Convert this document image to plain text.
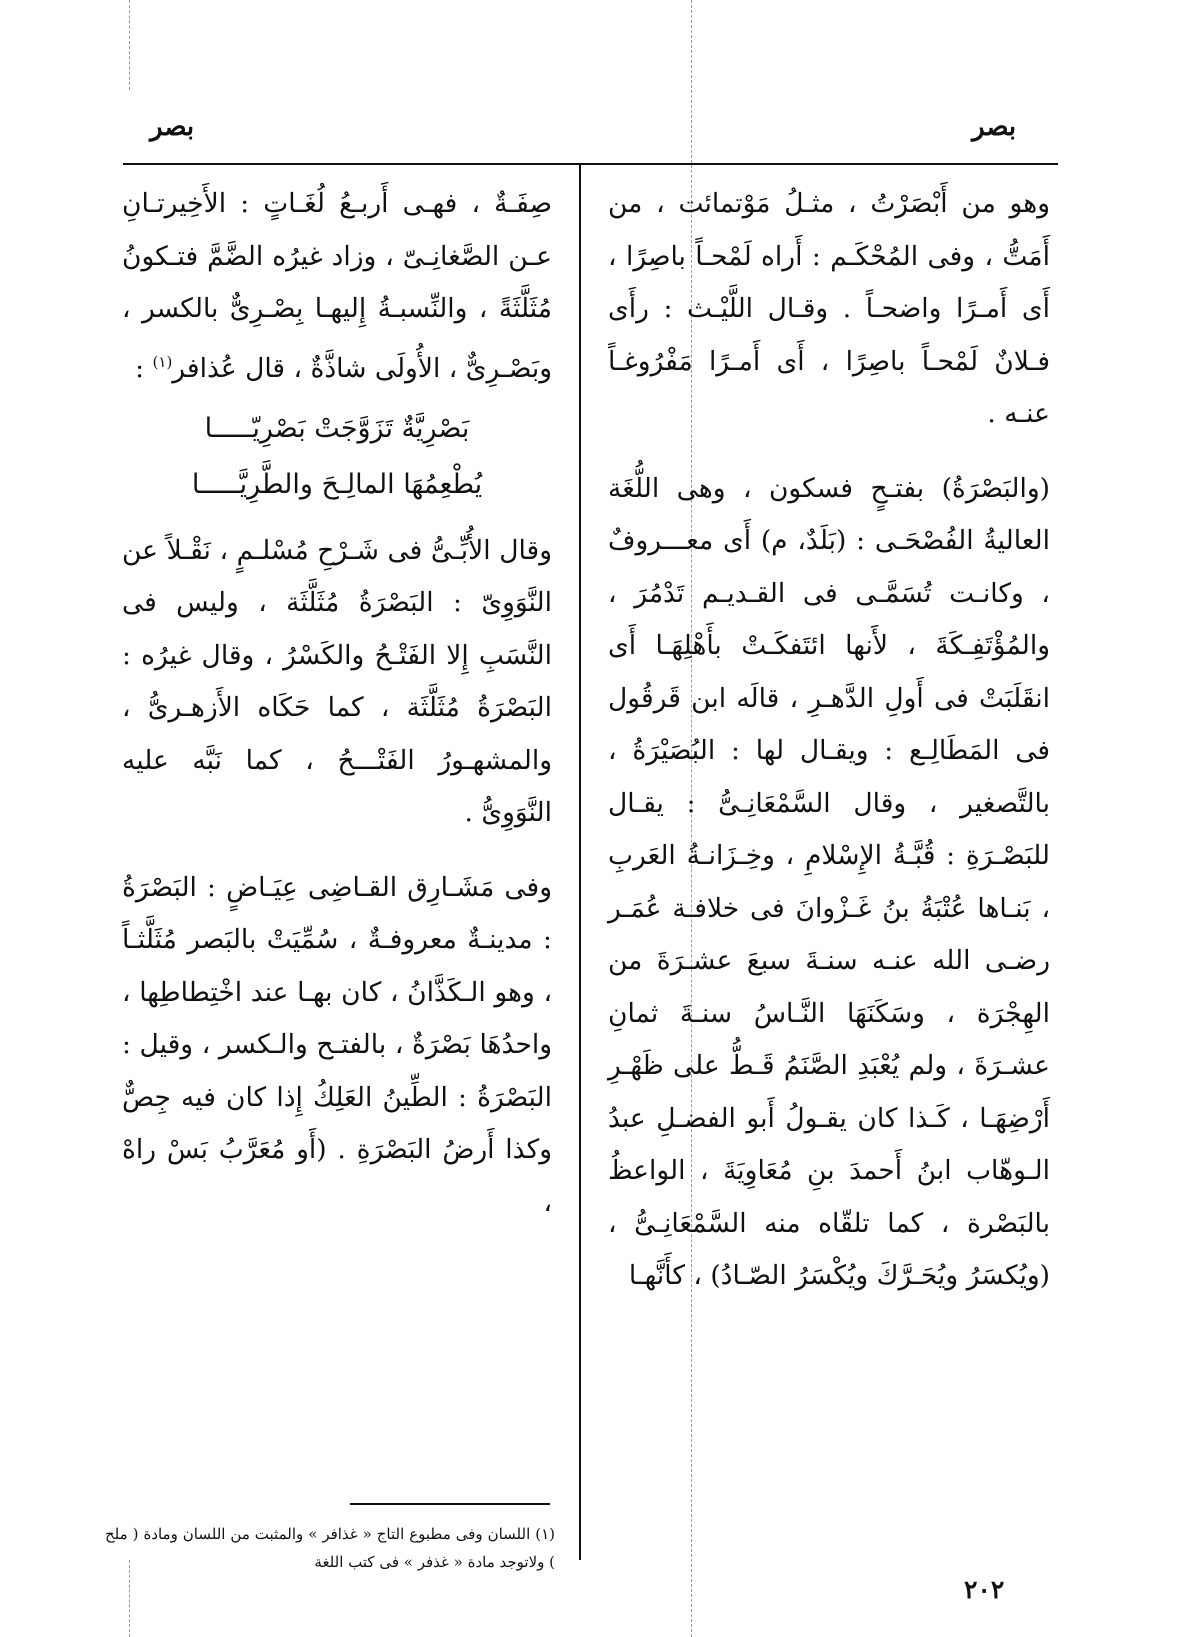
بصر
بصر

وهو من أَبْصَرْتُ ، مثـلُ مَوْتمائت ، من أَمَتُّ ، وفى المُحْكَـم : أَراه لَمْحـاً باصِرًا ، أَى أَمـرًا واضحـاً . وقـال اللَّيْـث : رأَى فـلانٌ لَمْحـاً باصِرًا ، أَى أَمـرًا مَفْرُوغـاً عنـه .

(والبَصْرَةُ) بفتـحٍ فسكون ، وهى اللُّغَة العاليةُ الفُصْحَـى : (بَلَدٌ، م) أَى معـــروفٌ ، وكانـت تُسَمَّـى فى القـديـم تَدْمُرَ ، والمُؤْتَفِـكَةَ ، لأَنها ائتَفكَـتْ بأَهْلِهَـا أَى انقَلَبَتْ فى أَولِ الدَّهـرِ ، قالَه ابن قَرقُول فى المَطَالِـع : ويقـال لها : البُصَيْرَةُ ، بالتَّصغير ، وقال السَّمْعَانِـىُّ : يقـال للبَصْـرَةِ : قُبَّـةُ الإِسْلامِ ، وخِـزَانـةُ العَربِ ، بَنـاها عُتْبَةُ بنُ غَـزْوانَ فى خلافـة عُمَـر رضـى الله عنـه سنـةَ سبعَ عشـرَةَ من الهِجْرَة ، وسَكَنَهَا النَّـاسُ سنـةَ ثمانِ عشـرَةَ ، ولم يُعْبَدِ الصَّنَمُ قَـطُّ على ظَهْـرِ أَرْضِهَـا ، كَـذا كان يقـولُ أَبو الفضـلِ عبدُ الـوهّاب ابنُ أَحمدَ بنِ مُعَاوِيَةَ ، الواعظُ بالبَصْرة ، كما تلقّاه منه السَّمْعَانِـىُّ ، (ويُكسَرُ ويُحَـرَّكَ ويُكْسَرُ الصّـادُ) ، كأَنَّهـا

صِفَـةٌ ، فهـى أَربـعُ لُغَـاتٍ : الأَخِيرتـانِ عـن الصَّغانِـىّ ، وزاد غيرُه الضَّمَّ فتـكونُ مُثَلَّثَةً ، والنِّسبـةُ إِليهـا بِصْـرِىٌّ بالكسر ، وبَصْـرِىٌّ ، الأُولَى شاذَّةٌ ، قال عُذافر$^{(١)}$ :

بَصْرِيَّةٌ تَزَوَّجَتْ بَصْرِيّـــــا
يُطْعِمُهَا المالِـحَ والطَّرِيَّـــــا

وقال الأُبِّـىُّ فى شَـرْحِ مُسْلـمٍ ، نَقْـلاً عن النَّوَوِىّ : البَصْرَةُ مُثَلَّثَة ، وليس فى النَّسَبِ إِلا الفَتْـحُ والكَسْرُ ، وقال غيرُه : البَصْرَةُ مُثَلَّثَة ، كما حَكَاه الأَزهـرىُّ ، والمشهـورُ الفَتْـــحُ ، كما نَبَّه عليه النَّوَوِىُّ .

وفى مَشَـارِق القـاضِى عِيَـاضٍ : البَصْرَةُ : مدينـةٌ معروفـةٌ ، سُمِّيَتْ بالبَصر مُثَلَّثـاً ، وهو الـكَذَّانُ ، كان بهـا عند اخْتِطاطِها ، واحدُهَا بَصْرَةٌ ، بالفتـح والـكسر ، وقيل : البَصْرَةُ : الطِّينُ العَلِكُ إِذا كان فيه جِصٌّ وكذا أَرضُ البَصْرَةِ . (أَو مُعَرَّبُ بَسْ راهْ ،

(١) اللسان وفى مطبوع التاج « غذافر » والمثبت من اللسان ومادة ( ملح ) ولاتوجد مادة « غذفر » فى كتب اللغة
٢٠٢
